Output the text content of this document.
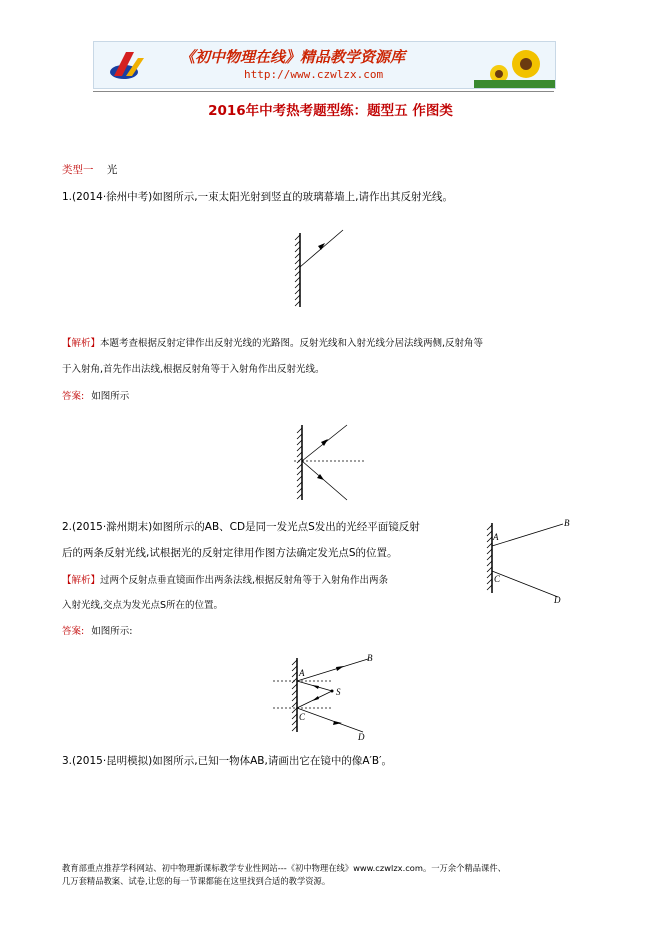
《初中物理在线》精品教学资源库
http://www.czwlzx.com
2016年中考热考题型练：题型五 作图类
类型一 光
1.(2014·徐州中考)如图所示,一束太阳光射到竖直的玻璃幕墙上,请作出其反射光线。
【解析】本题考查根据反射定律作出反射光线的光路图。反射光线和入射光线分居法线两侧,反射角等
于入射角,首先作出法线,根据反射角等于入射角作出反射光线。
答案: 如图所示
2.(2015·滁州期末)如图所示的AB、CD是同一发光点S发出的光经平面镜反射
后的两条反射光线,试根据光的反射定律用作图方法确定发光点S的位置。
A
B
C
D
【解析】过两个反射点垂直镜面作出两条法线,根据反射角等于入射角作出两条
入射光线,交点为发光点S所在的位置。
答案: 如图所示:
A
B
C
D
S
3.(2015·昆明模拟)如图所示,已知一物体AB,请画出它在镜中的像A′B′。
教育部重点推荐学科网站、初中物理新课标教学专业性网站---《初中物理在线》www.czwlzx.com。一万余个精品课件、
几万套精品教案、试卷,让您的每一节课都能在这里找到合适的教学资源。
